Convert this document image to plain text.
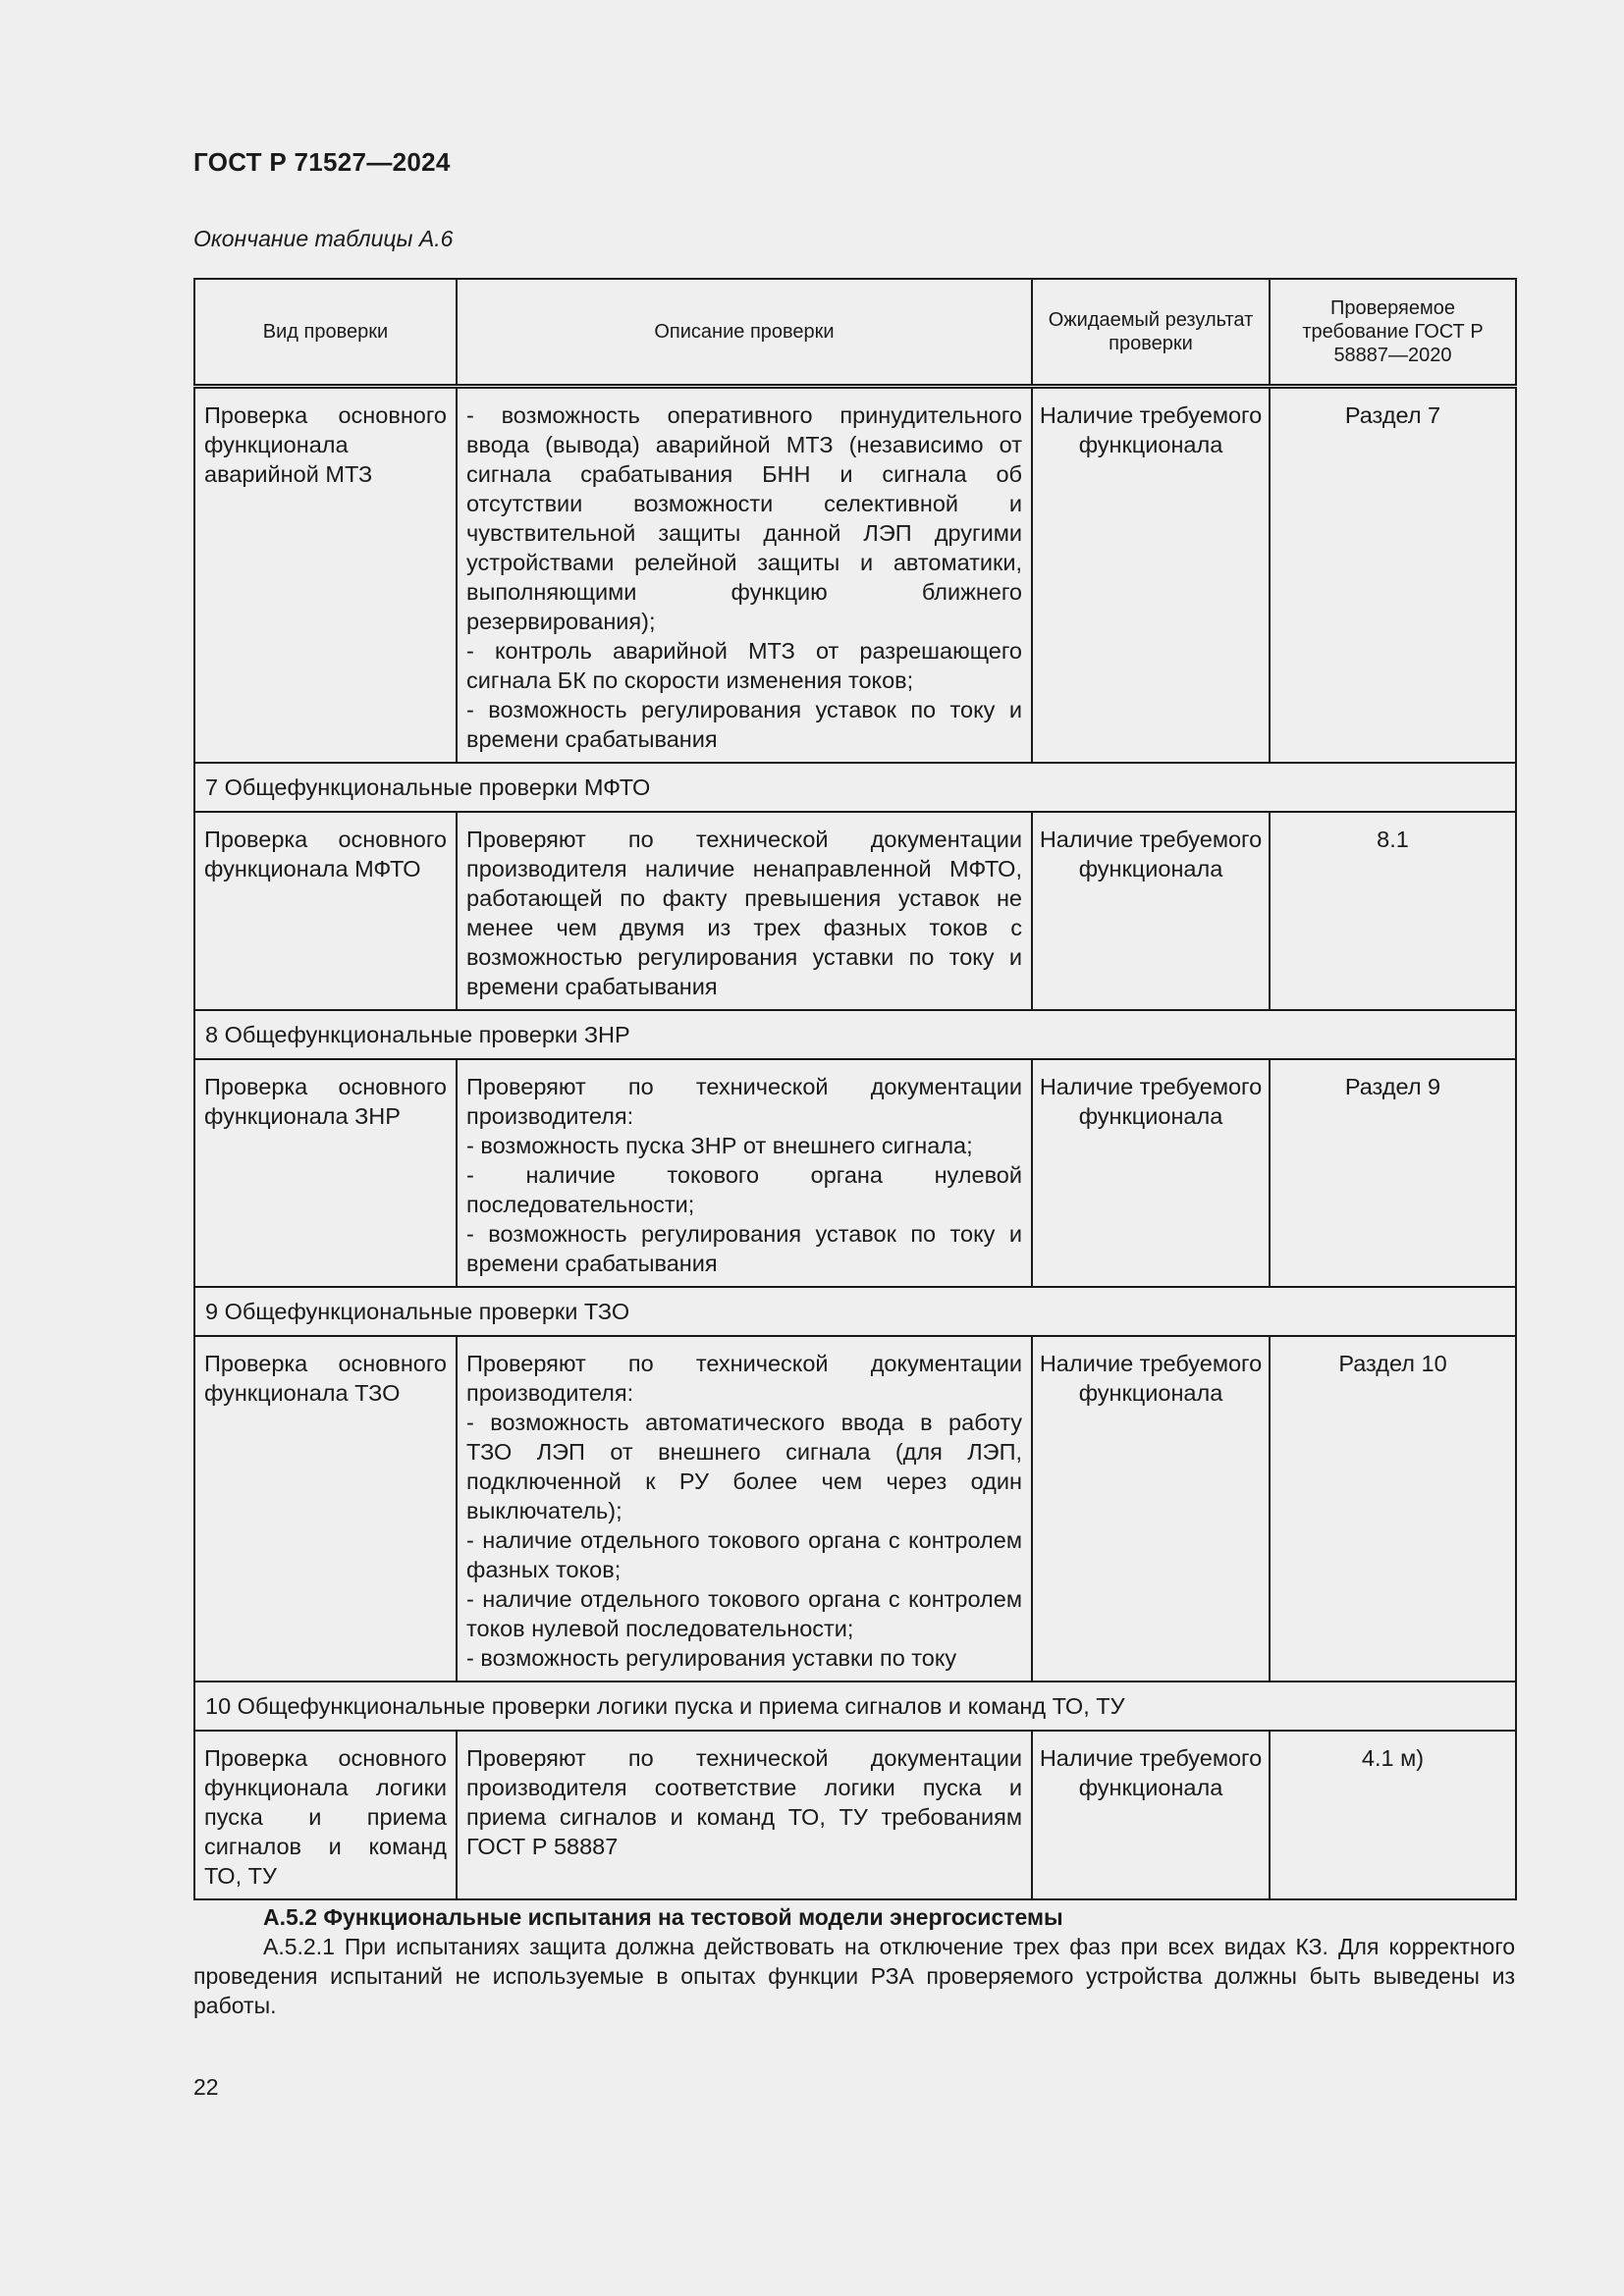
ГОСТ Р 71527—2024
Окончание таблицы А.6
Вид проверки	Описание проверки	Ожидаемый результат проверки	Проверяемое требование ГОСТ Р 58887—2020
Проверка основного функционала аварийной МТЗ	- возможность оперативного принудительного ввода (вывода) аварийной МТЗ (независимо от сигнала срабатывания БНН и сигнала об отсутствии возможности селективной и чувствительной защиты данной ЛЭП другими устройствами релейной защиты и автоматики, выполняющими функцию ближнего резервирования);
- контроль аварийной МТЗ от разрешающего сигнала БК по скорости изменения токов;
- возможность регулирования уставок по току и времени срабатывания	Наличие требуемого функционала	Раздел 7
7 Общефункциональные проверки МФТО			
Проверка основного функционала МФТО	Проверяют по технической документации производителя наличие ненаправленной МФТО, работающей по факту превышения уставок не менее чем двумя из трех фазных токов с возможностью регулирования уставки по току и времени срабатывания	Наличие требуемого функционала	8.1
8 Общефункциональные проверки ЗНР			
Проверка основного функционала ЗНР	Проверяют по технической документации производителя:
- возможность пуска ЗНР от внешнего сигнала;
- наличие токового органа нулевой последовательности;
- возможность регулирования уставок по току и времени срабатывания	Наличие требуемого функционала	Раздел 9
9 Общефункциональные проверки ТЗО			
Проверка основного функционала ТЗО	Проверяют по технической документации производителя:
- возможность автоматического ввода в работу ТЗО ЛЭП от внешнего сигнала (для ЛЭП, подключенной к РУ более чем через один выключатель);
- наличие отдельного токового органа с контролем фазных токов;
- наличие отдельного токового органа с контролем токов нулевой последовательности;
- возможность регулирования уставки по току	Наличие требуемого функционала	Раздел 10
10 Общефункциональные проверки логики пуска и приема сигналов и команд ТО, ТУ			
Проверка основного функционала логики пуска и приема сигналов и команд ТО, ТУ	Проверяют по технической документации производителя соответствие логики пуска и приема сигналов и команд ТО, ТУ требованиям ГОСТ Р 58887	Наличие требуемого функционала	4.1 м)
А.5.2 Функциональные испытания на тестовой модели энергосистемы
А.5.2.1 При испытаниях защита должна действовать на отключение трех фаз при всех видах КЗ. Для корректного проведения испытаний не используемые в опытах функции РЗА проверяемого устройства должны быть выведены из работы.
22
